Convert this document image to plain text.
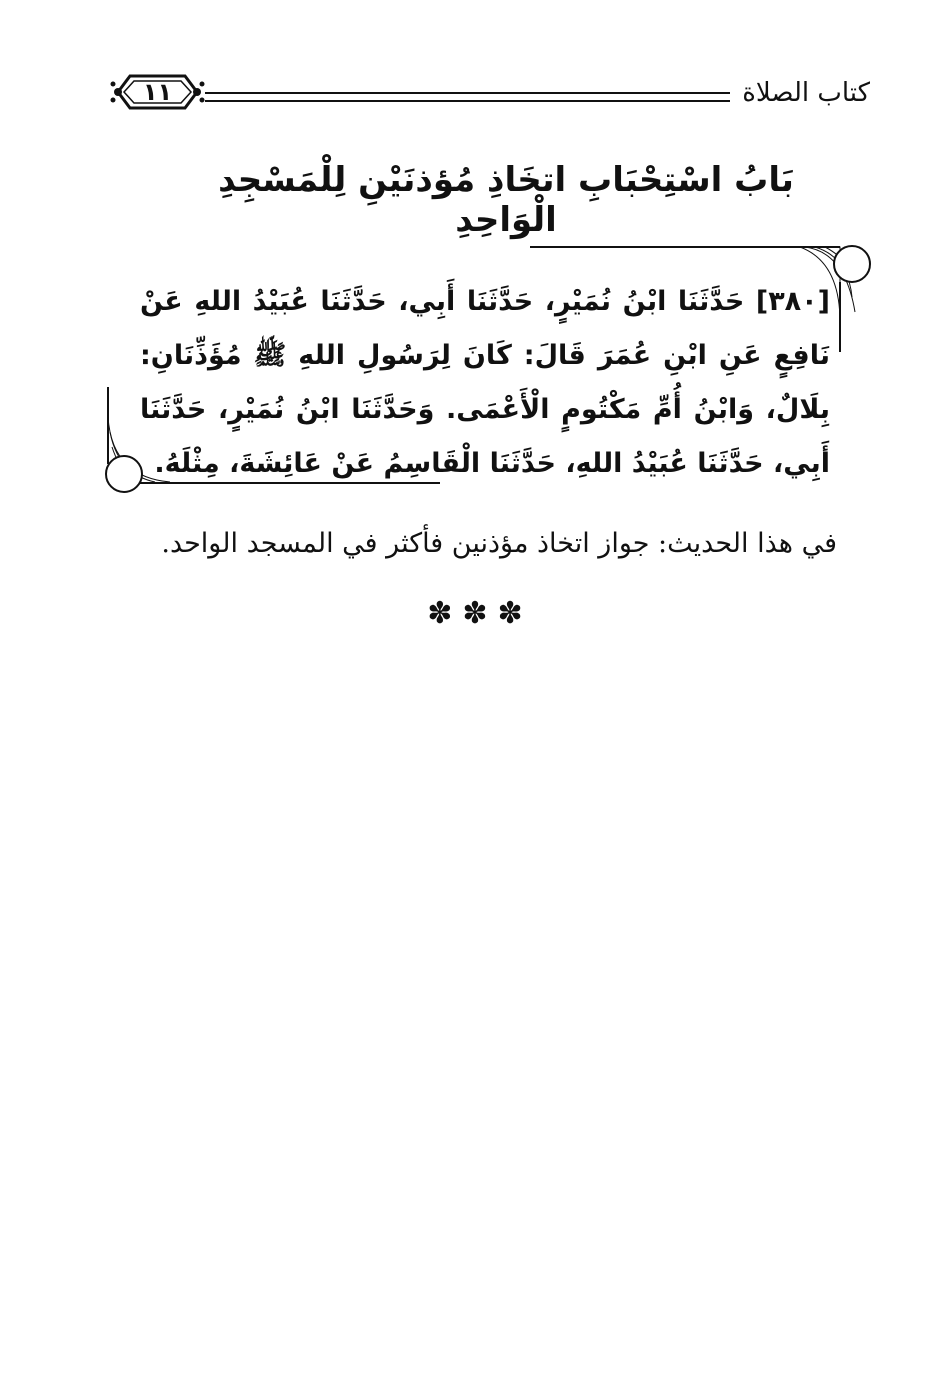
كتاب الصلاة
١١
بَابُ اسْتِحْبَابِ اتخَاذِ مُؤذنَيْنِ لِلْمَسْجِدِ الْوَاحِدِ
[٣٨٠] حَدَّثَنَا ابْنُ نُمَيْرٍ، حَدَّثَنَا أَبِي، حَدَّثَنَا عُبَيْدُ اللهِ عَنْ نَافِعٍ عَنِ ابْنِ عُمَرَ قَالَ: كَانَ لِرَسُولِ اللهِ ﷺ مُؤَذِّنَانِ: بِلَالٌ، وَابْنُ أُمِّ مَكْتُومٍ الْأَعْمَى. وَحَدَّثَنَا ابْنُ نُمَيْرٍ، حَدَّثَنَا أَبِي، حَدَّثَنَا عُبَيْدُ اللهِ، حَدَّثَنَا الْقَاسِمُ عَنْ عَائِشَةَ، مِثْلَهُ.
في هذا الحديث: جواز اتخاذ مؤذنين فأكثر في المسجد الواحد.
✽✽✽
